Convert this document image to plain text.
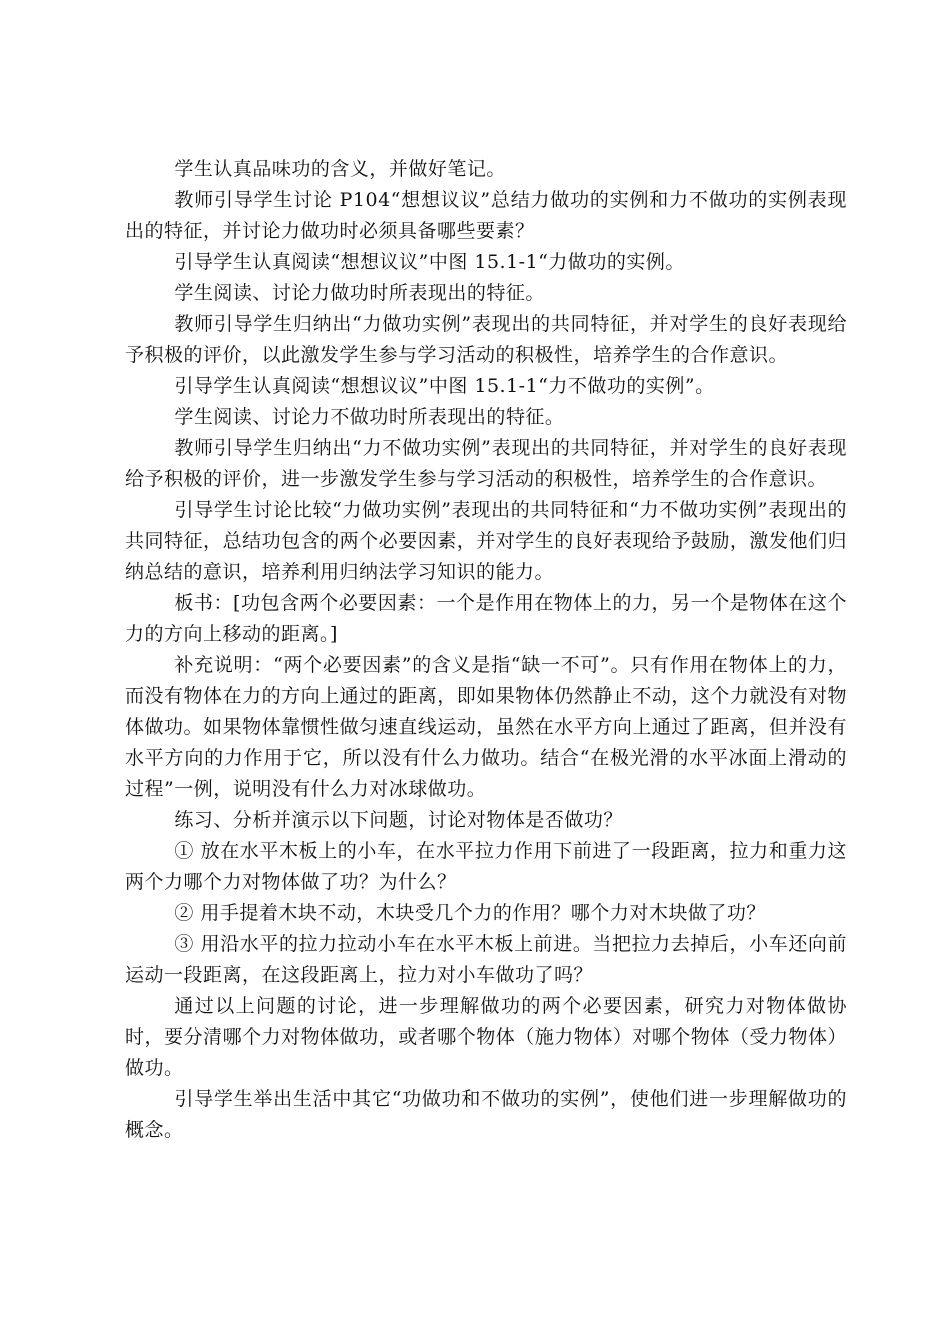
学生认真品味功的含义，并做好笔记。

教师引导学生讨论 P104“想想议议”总结力做功的实例和力不做功的实例表现出的特征，并讨论力做功时必须具备哪些要素？

引导学生认真阅读“想想议议”中图 15.1-1“力做功的实例。

学生阅读、讨论力做功时所表现出的特征。

教师引导学生归纳出“力做功实例”表现出的共同特征，并对学生的良好表现给予积极的评价，以此激发学生参与学习活动的积极性，培养学生的合作意识。

引导学生认真阅读“想想议议”中图 15.1-1“力不做功的实例”。

学生阅读、讨论力不做功时所表现出的特征。

教师引导学生归纳出“力不做功实例”表现出的共同特征，并对学生的良好表现给予积极的评价，进一步激发学生参与学习活动的积极性，培养学生的合作意识。

引导学生讨论比较“力做功实例”表现出的共同特征和“力不做功实例”表现出的共同特征，总结功包含的两个必要因素，并对学生的良好表现给予鼓励，激发他们归纳总结的意识，培养利用归纳法学习知识的能力。

板书：[功包含两个必要因素：一个是作用在物体上的力，另一个是物体在这个力的方向上移动的距离。]

补充说明：“两个必要因素”的含义是指“缺一不可”。只有作用在物体上的力，而没有物体在力的方向上通过的距离，即如果物体仍然静止不动，这个力就没有对物体做功。如果物体靠惯性做匀速直线运动，虽然在水平方向上通过了距离，但并没有水平方向的力作用于它，所以没有什么力做功。结合“在极光滑的水平冰面上滑动的过程”一例，说明没有什么力对冰球做功。

练习、分析并演示以下问题，讨论对物体是否做功？

① 放在水平木板上的小车，在水平拉力作用下前进了一段距离，拉力和重力这两个力哪个力对物体做了功？为什么？

② 用手提着木块不动，木块受几个力的作用？哪个力对木块做了功？

③ 用沿水平的拉力拉动小车在水平木板上前进。当把拉力去掉后，小车还向前运动一段距离，在这段距离上，拉力对小车做功了吗？

通过以上问题的讨论，进一步理解做功的两个必要因素，研究力对物体做协时，要分清哪个力对物体做功，或者哪个物体（施力物体）对哪个物体（受力物体）做功。

引导学生举出生活中其它“功做功和不做功的实例”，使他们进一步理解做功的概念。
